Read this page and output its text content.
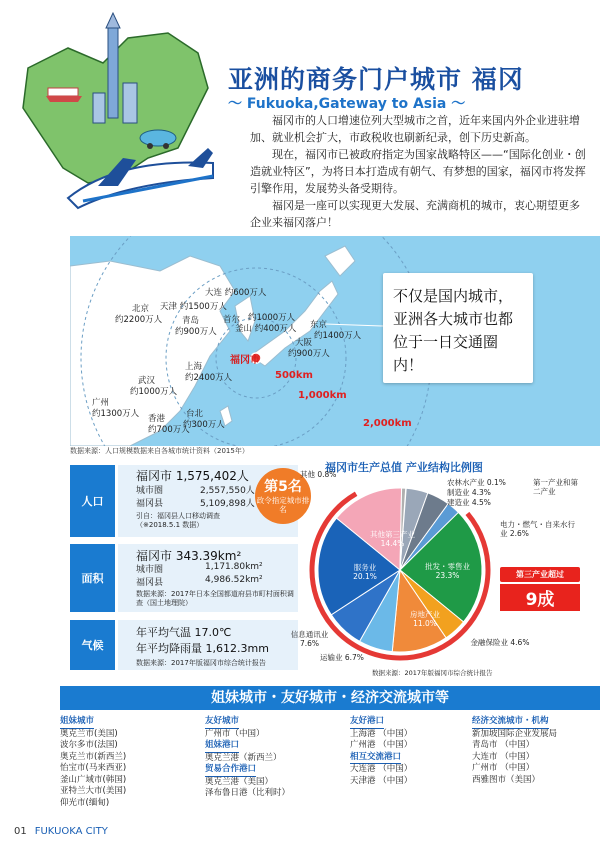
亚洲的商务门户城市 福冈
〜 Fukuoka,Gateway to Asia 〜

福冈市的人口增速位列大型城市之首，近年来国内外企业进驻增加、就业机会扩大，市政税收也刷新纪录，创下历史新高。

现在，福冈市已被政府指定为国家战略特区——“国际化创业・创造就业特区”，为将日本打造成有朝气、有梦想的国家，福冈市将发挥引擎作用，发展势头备受期待。

福冈是一座可以实现更大发展、充满商机的城市，衷心期望更多企业来福冈落户！

大连 约600万人
天津 约1500万人
北京
约2200万人 青岛
约900万人
首尔 约1000万人
釜山 约400万人 东京
约1400万人
大阪
约900万人
上海
约2400万人
武汉
约1000万人
广州
约1300万人 香港
约700万人
台北
约300万人
福冈市
500km
1,000km
2,000km
不仅是国内城市，亚洲各大城市也都位于一日交通圈内！
数据来源：人口规模数据来自各城市统计资料（2015年）
人口
福冈市 1,575,402人
城市圈	2,557,550人
福冈县	5,109,898人
引自：福冈县人口移动调查（※2018.5.1 数据）
第5名
政令指定城市排名
面积
福冈市 343.39km²
城市圈	1,171.80km²
福冈县	4,986.52km²
数据来源：2017年日本全国都道府县市町村面积调查（国土地理院）
气候
年平均气温 17.0℃
年平均降雨量 1,612.3mm
数据来源：2017年版福冈市综合统计报告
福冈市生产总值 产业结构比例图
农林水产业 0.1%
制造业 4.3%
建造业 4.5%
第一产业和第二产业
电力・燃气・自来水行业 2.6%
金融保险业 4.6%
其他 0.8%
信息通讯业 7.6%
运输业 6.7%
其他第三产业 14.4%
服务业 20.1%
批发・零售业 23.3%
房地产业 11.0%
第三产业超过
9成
数据来源：2017年版福冈市综合统计报告
姐妹城市・友好城市・经济交流城市等
姐妹城市
奥克兰市(美国)
波尔多市(法国)
奥克兰市(新西兰)
怡宝市(马来西亚)
釜山广域市(韩国)
亚特兰大市(美国)
仰光市(缅甸)
友好城市
广州市（中国）
姐妹港口
奥克兰港（新西兰）
贸易合作港口
奥克兰港（美国）
泽布鲁日港（比利时）
友好港口
上海港 （中国）
广州港 （中国）
相互交流港口
大连港 （中国）
天津港 （中国）
经济交流城市・机构
新加坡国际企业发展局
青岛市 （中国）
大连市 （中国）
广州市 （中国）
西雅图市（美国）
01 FUKUOKA CITY
